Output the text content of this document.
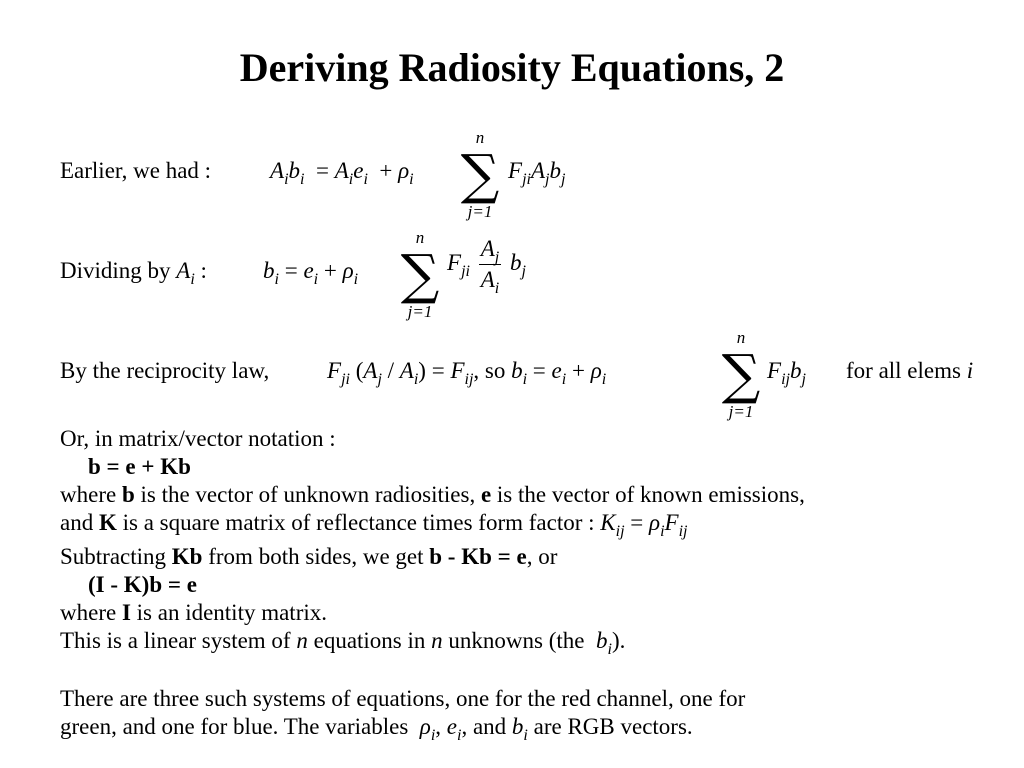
Deriving Radiosity Equations, 2
Earlier, we had :	$A_ib_i = A_ie_i + \rho_i$
n
∑
j=1
$F_{ji}A_jb_j$
Dividing by $A_i$ : $b_i = e_i + \rho_i$
n
∑
j=1
$F_{ji} \frac{A_j}{A_i} b_j$
By the reciprocity law,	$F_{ji}$ $(A_j / A_i) = F_{ij}$, so $b_i = e_i + \rho_i$
n
∑
j=1
$F_{ij}b_j$ for all elems i
Or, in matrix/vector notation :
b = e + Kb
where b is the vector of unknown radiosities, e is the vector of known emissions,
and K is a square matrix of reflectance times form factor : $K_{ij} = \rho_iF_{ij}$
Subtracting Kb from both sides, we get b - Kb = e, or
(I - K)b = e
where I is an identity matrix.
This is a linear system of n equations in n unknowns (the $b_i$).
There are three such systems of equations, one for the red channel, one for
green, and one for blue. The variables $\rho_i$, $e_i$, and $b_i$ are RGB vectors.
